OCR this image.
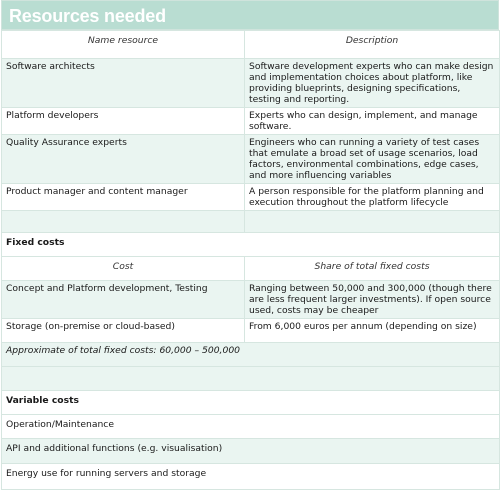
Resources needed
Name resource	Description
Software architects	Software development experts who can make design and implementation choices about platform, like providing blueprints, designing specifications, testing and reporting.
Platform developers	Experts who can design, implement, and manage software.
Quality Assurance experts	Engineers who can running a variety of test cases that emulate a broad set of usage scenarios, load factors, environmental combinations, edge cases, and more influencing variables
Product manager and content manager	A person responsible for the platform planning and execution throughout the platform lifecycle

Fixed costs	
Cost	Share of total fixed costs
Concept and Platform development, Testing	Ranging between 50,000 and 300,000 (though there are less frequent larger investments). If open source used, costs may be cheaper
Storage (on-premise or cloud-based)	From 6,000 euros per annum (depending on size)
Approximate of total fixed costs: 60,000 – 500,000	

Variable costs	
Operation/Maintenance	
API and additional functions (e.g. visualisation)	
Energy use for running servers and storage	
